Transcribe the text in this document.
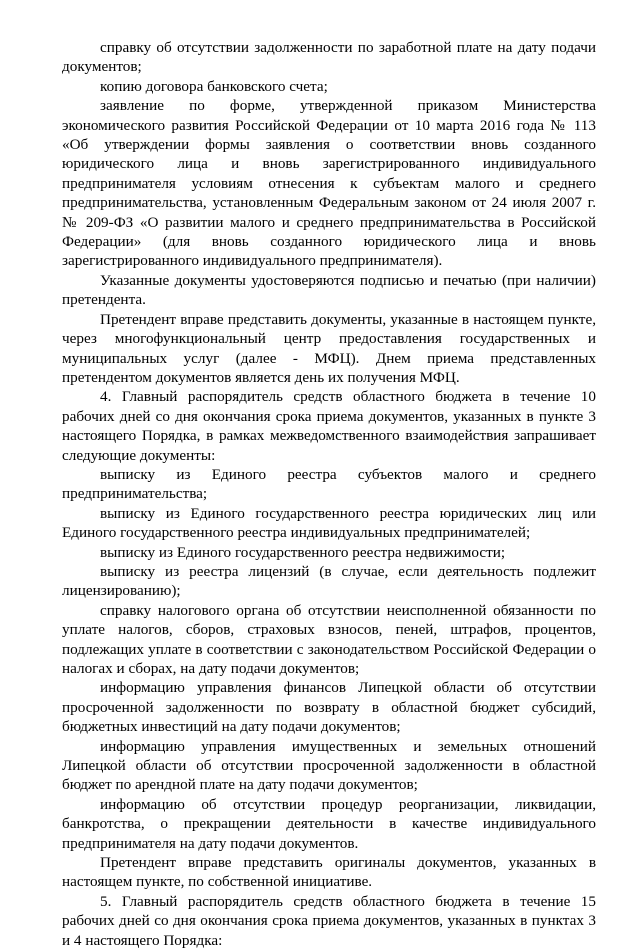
справку об отсутствии задолженности по заработной плате на дату подачи документов;

копию договора банковского счета;

заявление по форме, утвержденной приказом Министерства экономического развития Российской Федерации от 10 марта 2016 года № 113 «Об утверждении формы заявления о соответствии вновь созданного юридического лица и вновь зарегистрированного индивидуального предпринимателя условиям отнесения к субъектам малого и среднего предпринимательства, установленным Федеральным законом от 24 июля 2007 г. № 209-ФЗ «О развитии малого и среднего предпринимательства в Российской Федерации» (для вновь созданного юридического лица и вновь зарегистрированного индивидуального предпринимателя).

Указанные документы удостоверяются подписью и печатью (при наличии) претендента.

Претендент вправе представить документы, указанные в настоящем пункте, через многофункциональный центр предоставления государственных и муниципальных услуг (далее - МФЦ). Днем приема представленных претендентом документов является день их получения МФЦ.

4. Главный распорядитель средств областного бюджета в течение 10 рабочих дней со дня окончания срока приема документов, указанных в пункте 3 настоящего Порядка, в рамках межведомственного взаимодействия запрашивает следующие документы:

выписку из Единого реестра субъектов малого и среднего предпринимательства;

выписку из Единого государственного реестра юридических лиц или Единого государственного реестра индивидуальных предпринимателей;

выписку из Единого государственного реестра недвижимости;

выписку из реестра лицензий (в случае, если деятельность подлежит лицензированию);

справку налогового органа об отсутствии неисполненной обязанности по уплате налогов, сборов, страховых взносов, пеней, штрафов, процентов, подлежащих уплате в соответствии с законодательством Российской Федерации о налогах и сборах, на дату подачи документов;

информацию управления финансов Липецкой области об отсутствии просроченной задолженности по возврату в областной бюджет субсидий, бюджетных инвестиций на дату подачи документов;

информацию управления имущественных и земельных отношений Липецкой области об отсутствии просроченной задолженности в областной бюджет по арендной плате на дату подачи документов;

информацию об отсутствии процедур реорганизации, ликвидации, банкротства, о прекращении деятельности в качестве индивидуального предпринимателя на дату подачи документов.

Претендент вправе представить оригиналы документов, указанных в настоящем пункте, по собственной инициативе.

5. Главный распорядитель средств областного бюджета в течение 15 рабочих дней со дня окончания срока приема документов, указанных в пунктах 3 и 4 настоящего Порядка:
